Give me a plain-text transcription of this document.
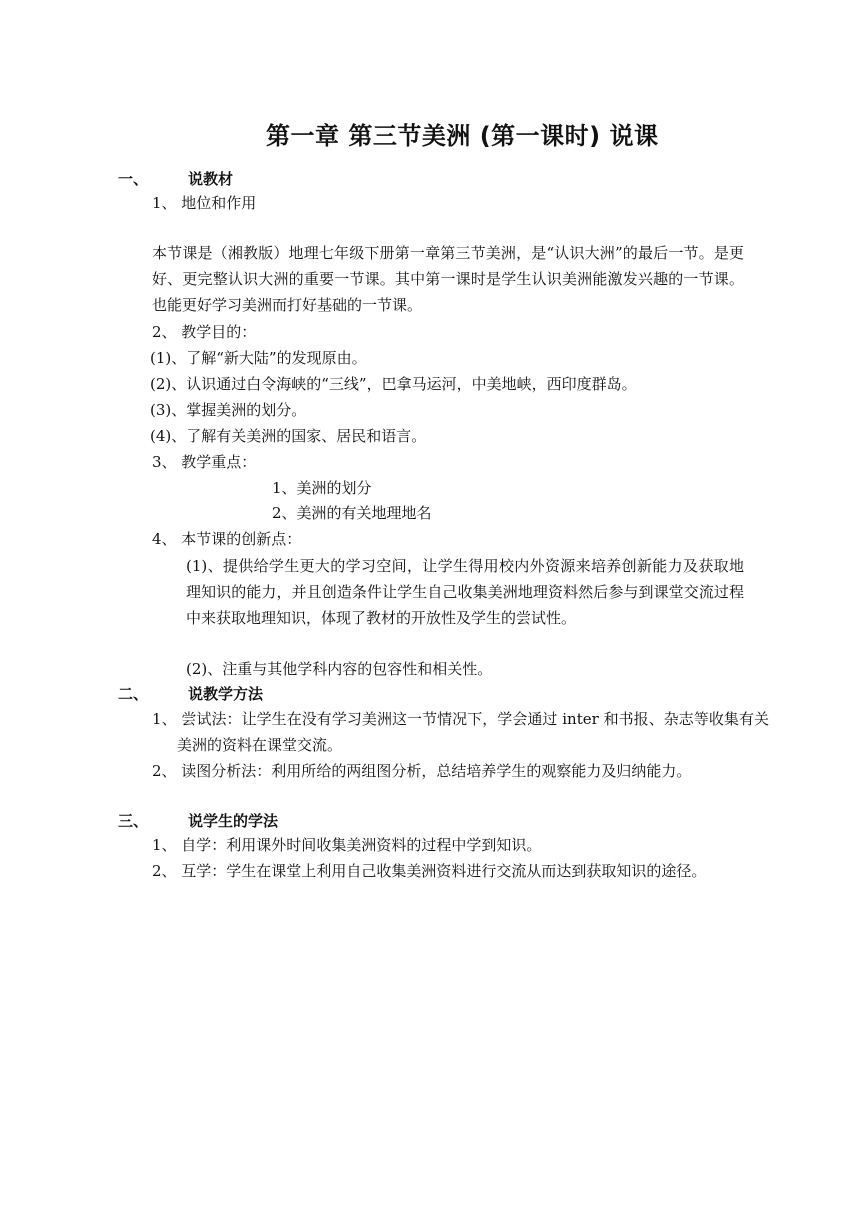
第一章 第三节美洲 (第一课时) 说课
一、	说教材
1、 地位和作用
本节课是（湘教版）地理七年级下册第一章第三节美洲，是“认识大洲”的最后一节。是更好、更完整认识大洲的重要一节课。其中第一课时是学生认识美洲能激发兴趣的一节课。也能更好学习美洲而打好基础的一节课。
2、 教学目的：
(1)、了解“新大陆”的发现原由。
(2)、认识通过白令海峡的“三线”，巴拿马运河，中美地峡，西印度群岛。
(3)、掌握美洲的划分。
(4)、了解有关美洲的国家、居民和语言。
3、 教学重点：
1、美洲的划分
2、美洲的有关地理地名
4、 本节课的创新点：
(1)、提供给学生更大的学习空间，让学生得用校内外资源来培养创新能力及获取地理知识的能力，并且创造条件让学生自己收集美洲地理资料然后参与到课堂交流过程中来获取地理知识，体现了教材的开放性及学生的尝试性。
(2)、注重与其他学科内容的包容性和相关性。
二、	说教学方法
1、 尝试法：让学生在没有学习美洲这一节情况下，学会通过 inter 和书报、杂志等收集有关美洲的资料在课堂交流。
2、 读图分析法：利用所给的两组图分析，总结培养学生的观察能力及归纳能力。
三、	说学生的学法
1、 自学：利用课外时间收集美洲资料的过程中学到知识。
2、 互学：学生在课堂上利用自己收集美洲资料进行交流从而达到获取知识的途径。
